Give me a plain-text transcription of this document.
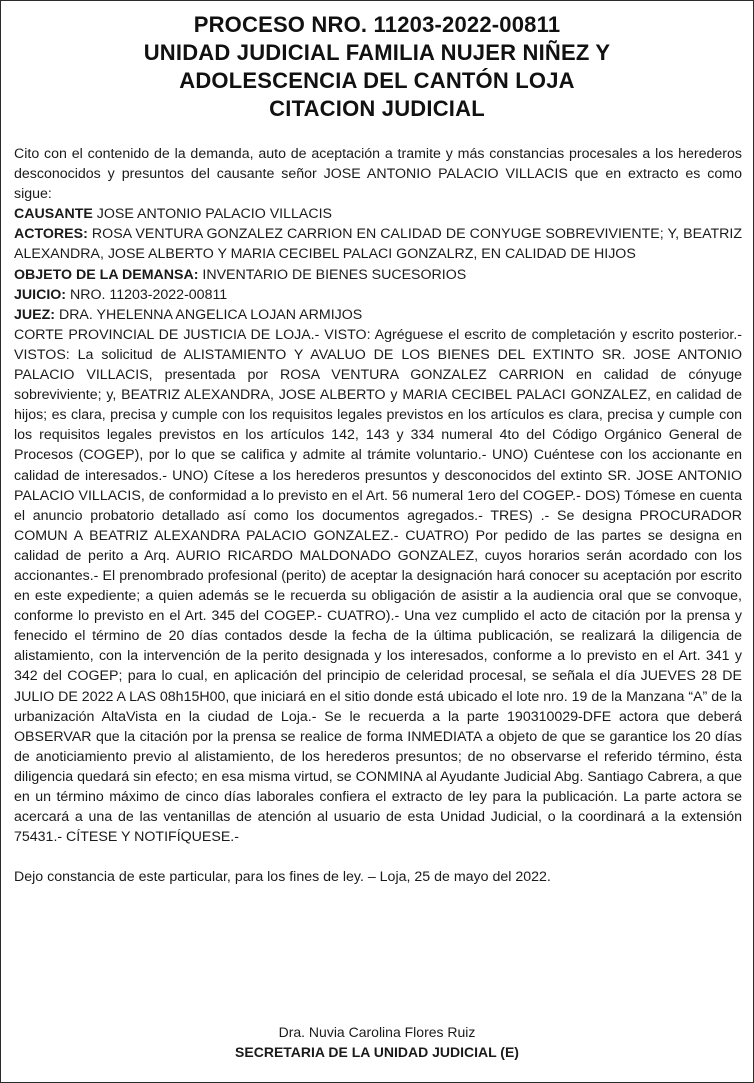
PROCESO NRO. 11203-2022-00811
UNIDAD JUDICIAL FAMILIA NUJER NIÑEZ Y
ADOLESCENCIA DEL CANTÓN LOJA
CITACION JUDICIAL

Cito con el contenido de la demanda, auto de aceptación a tramite y más constancias procesales a los herederos desconocidos y presuntos del causante señor JOSE ANTONIO PALACIO VILLACIS que en extracto es como sigue:

CAUSANTE JOSE ANTONIO PALACIO VILLACIS

ACTORES: ROSA VENTURA GONZALEZ CARRION EN CALIDAD DE CONYUGE SOBREVIVIENTE; Y, BEATRIZ ALEXANDRA, JOSE ALBERTO Y MARIA CECIBEL PALACI GONZALRZ, EN CALIDAD DE HIJOS

OBJETO DE LA DEMANSA: INVENTARIO DE BIENES SUCESORIOS

JUICIO: NRO. 11203-2022-00811

JUEZ: DRA. YHELENNA ANGELICA LOJAN ARMIJOS

CORTE PROVINCIAL DE JUSTICIA DE LOJA.- VISTO: Agréguese el escrito de completación y escrito posterior.- VISTOS: La solicitud de ALISTAMIENTO Y AVALUO DE LOS BIENES DEL EXTINTO SR. JOSE ANTONIO PALACIO VILLACIS, presentada por ROSA VENTURA GONZALEZ CARRION en calidad de cónyuge sobreviviente; y, BEATRIZ ALEXANDRA, JOSE ALBERTO y MARIA CECIBEL PALACI GONZALEZ, en calidad de hijos; es clara, precisa y cumple con los requisitos legales previstos en los artículos es clara, precisa y cumple con los requisitos legales previstos en los artículos 142, 143 y 334 numeral 4to del Código Orgánico General de Procesos (COGEP), por lo que se califica y admite al trámite voluntario.- UNO) Cuéntese con los accionante en calidad de interesados.- UNO) Cítese a los herederos presuntos y desconocidos del extinto SR. JOSE ANTONIO PALACIO VILLACIS, de conformidad a lo previsto en el Art. 56 numeral 1ero del COGEP.- DOS) Tómese en cuenta el anuncio probatorio detallado así como los documentos agregados.- TRES) .- Se designa PROCURADOR COMUN A BEATRIZ ALEXANDRA PALACIO GONZALEZ.- CUATRO) Por pedido de las partes se designa en calidad de perito a Arq. AURIO RICARDO MALDONADO GONZALEZ, cuyos horarios serán acordado con los accionantes.- El prenombrado profesional (perito) de aceptar la designación hará conocer su aceptación por escrito en este expediente; a quien además se le recuerda su obligación de asistir a la audiencia oral que se convoque, conforme lo previsto en el Art. 345 del COGEP.- CUATRO).- Una vez cumplido el acto de citación por la prensa y fenecido el término de 20 días contados desde la fecha de la última publicación, se realizará la diligencia de alistamiento, con la intervención de la perito designada y los interesados, conforme a lo previsto en el Art. 341 y 342 del COGEP; para lo cual, en aplicación del principio de celeridad procesal, se señala el día JUEVES 28 DE JULIO DE 2022 A LAS 08h15H00, que iniciará en el sitio donde está ubicado el lote nro. 19 de la Manzana “A” de la urbanización AltaVista en la ciudad de Loja.- Se le recuerda a la parte 190310029-DFE actora que deberá OBSERVAR que la citación por la prensa se realice de forma INMEDIATA a objeto de que se garantice los 20 días de anoticiamiento previo al alistamiento, de los herederos presuntos; de no observarse el referido término, ésta diligencia quedará sin efecto; en esa misma virtud, se CONMINA al Ayudante Judicial Abg. Santiago Cabrera, a que en un término máximo de cinco días laborales confiera el extracto de ley para la publicación. La parte actora se acercará a una de las ventanillas de atención al usuario de esta Unidad Judicial, o la coordinará a la extensión 75431.- CÍTESE Y NOTIFÍQUESE.-

Dejo constancia de este particular, para los fines de ley. – Loja, 25 de mayo del 2022.

Dra. Nuvia Carolina Flores Ruiz
SECRETARIA DE LA UNIDAD JUDICIAL (E)
